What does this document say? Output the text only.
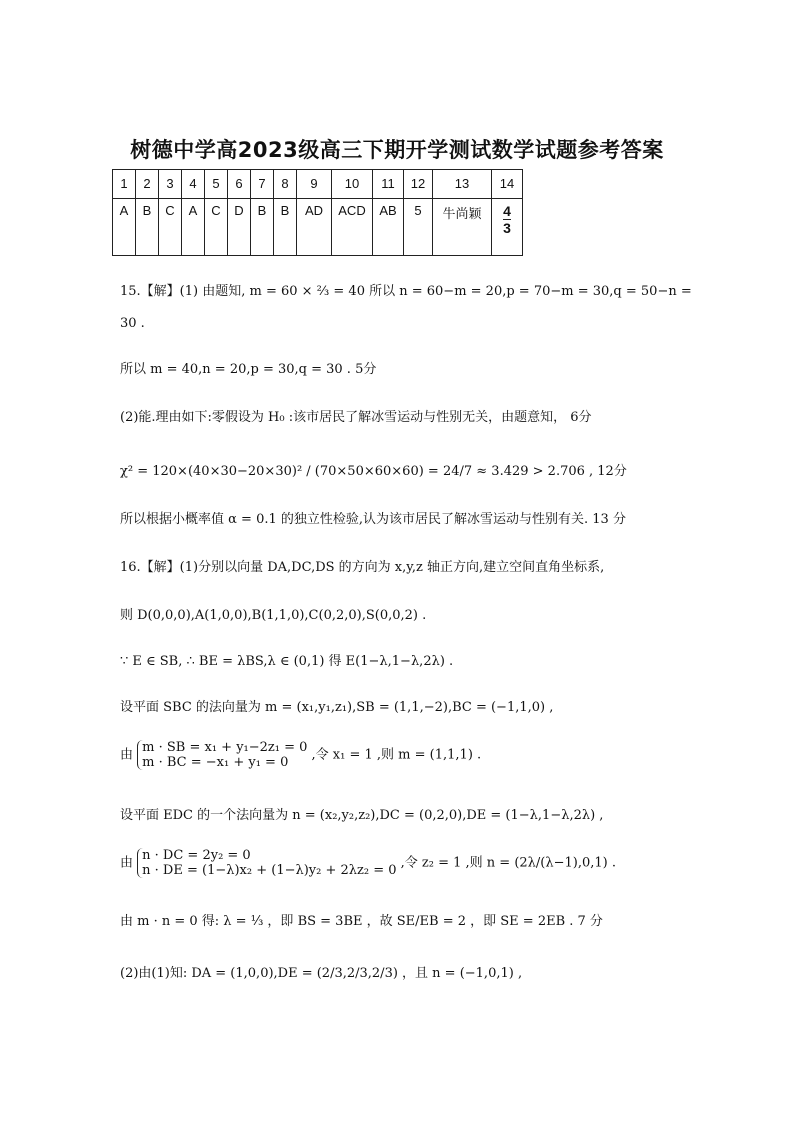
树德中学高2023级高三下期开学测试数学试题参考答案
1	2	3	4	5	6	7	8	9	10	11	12	13	14
A	B	C	A	C	D	B	B	AD	ACD	AB	5	牛尚颖	$\frac{4}{3}$
15.【解】(1) 由题知, m = 60 × ⅔ = 40 所以 n = 60−m = 20,p = 70−m = 30,q = 50−n =
30 .
所以 m = 40,n = 20,p = 30,q = 30 . 5分
(2)能.理由如下:零假设为 H₀ :该市居民了解冰雪运动与性别无关，由题意知， 6分
χ² = 120×(40×30−20×30)² / (70×50×60×60) = 24/7 ≈ 3.429 > 2.706 , 12分
所以根据小概率值 α = 0.1 的独立性检验,认为该市居民了解冰雪运动与性别有关. 13 分
16.【解】(1)分别以向量 DA,DC,DS 的方向为 x,y,z 轴正方向,建立空间直角坐标系,
则 D(0,0,0),A(1,0,0),B(1,1,0),C(0,2,0),S(0,0,2) .
∵ E ∈ SB, ∴ BE = λBS,λ ∈ (0,1) 得 E(1−λ,1−λ,2λ) .
设平面 SBC 的法向量为 m = (x₁,y₁,z₁),SB = (1,1,−2),BC = (−1,1,0) ,
由 m · SB = x₁ + y₁−2z₁ = 0
m · BC = −x₁ + y₁ = 0	,令 x₁ = 1 ,则 m = (1,1,1) .
设平面 EDC 的一个法向量为 n = (x₂,y₂,z₂),DC = (0,2,0),DE = (1−λ,1−λ,2λ) ,
由 n · DC = 2y₂ = 0
n · DE = (1−λ)x₂ + (1−λ)y₂ + 2λz₂ = 0 ,令 z₂ = 1 ,则 n = (2λ/(λ−1),0,1) .
由 m · n = 0 得: λ = ⅓ ，即 BS = 3BE ，故 SE/EB = 2 ，即 SE = 2EB . 7 分
(2)由(1)知: DA = (1,0,0),DE = (2/3,2/3,2/3) ，且 n = (−1,0,1) ,
